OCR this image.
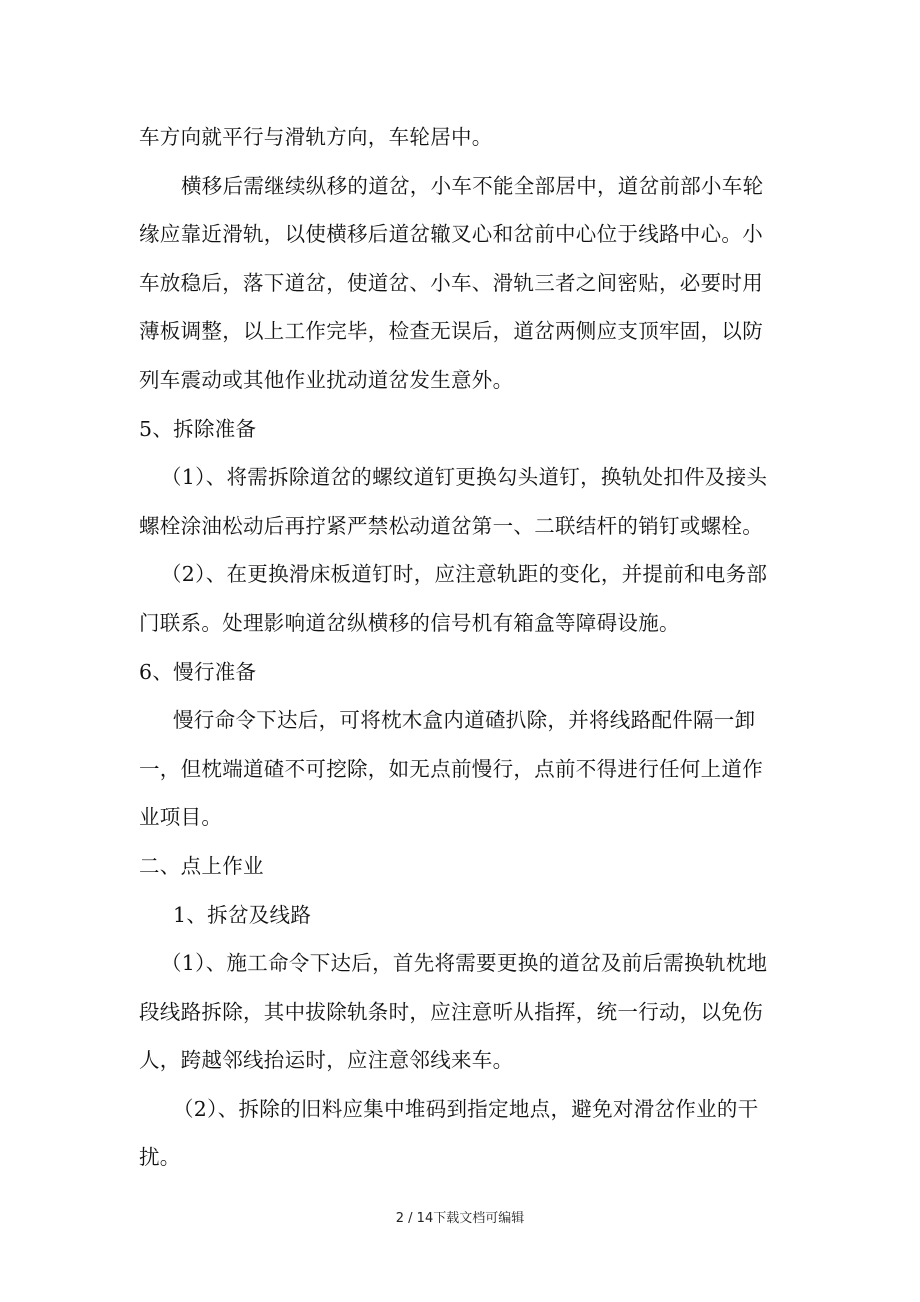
车方向就平行与滑轨方向，车轮居中。
横移后需继续纵移的道岔，小车不能全部居中，道岔前部小车轮
缘应靠近滑轨，以使横移后道岔辙叉心和岔前中心位于线路中心。小
车放稳后，落下道岔，使道岔、小车、滑轨三者之间密贴，必要时用
薄板调整，以上工作完毕，检查无误后，道岔两侧应支顶牢固，以防
列车震动或其他作业扰动道岔发生意外。
5、拆除准备
（1）、将需拆除道岔的螺纹道钉更换勾头道钉，换轨处扣件及接头
螺栓涂油松动后再拧紧严禁松动道岔第一、二联结杆的销钉或螺栓。
（2）、在更换滑床板道钉时，应注意轨距的变化，并提前和电务部
门联系。处理影响道岔纵横移的信号机有箱盒等障碍设施。
6、慢行准备
慢行命令下达后，可将枕木盒内道碴扒除，并将线路配件隔一卸
一，但枕端道碴不可挖除，如无点前慢行，点前不得进行任何上道作
业项目。
二、点上作业
1、拆岔及线路
（1）、施工命令下达后，首先将需要更换的道岔及前后需换轨枕地
段线路拆除，其中拔除轨条时，应注意听从指挥，统一行动，以免伤
人，跨越邻线抬运时，应注意邻线来车。
（2）、拆除的旧料应集中堆码到指定地点，避免对滑岔作业的干
扰。
2 / 14下载文档可编辑
